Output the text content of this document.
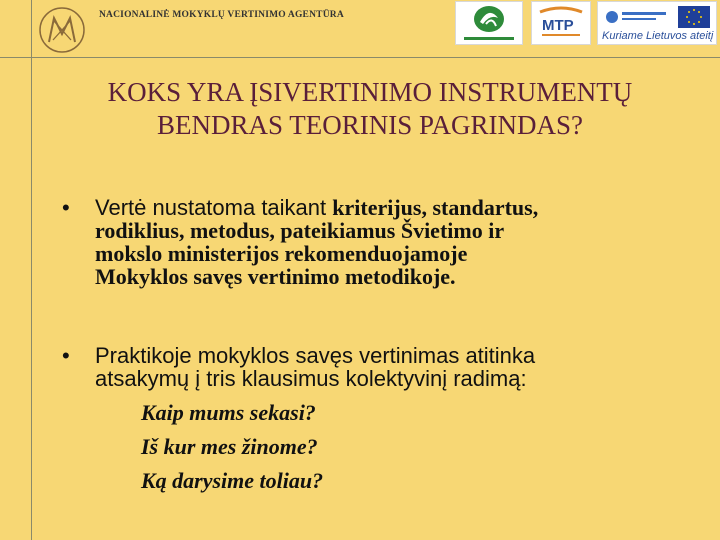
NACIONALINĖ MOKYKLŲ VERTINIMO AGENTŪRA
MTP
Kuriame Lietuvos ateitį
KOKS YRA ĮSIVERTINIMO INSTRUMENTŲ
BENDRAS TEORINIS PAGRINDAS?
• Vertė nustatoma taikant kriterijus, standartus,
rodiklius, metodus, pateikiamus Švietimo ir
mokslo ministerijos rekomenduojamoje
Mokyklos savęs vertinimo metodikoje.
• Praktikoje mokyklos savęs vertinimas atitinka
atsakymų į tris klausimus kolektyvinį radimą:
Kaip mums sekasi?
Iš kur mes žinome?
Ką darysime toliau?
